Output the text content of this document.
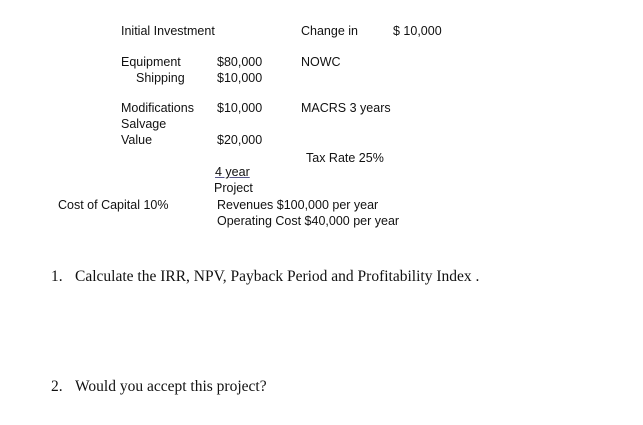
Initial Investment	Change in	$ 10,000
Equipment	$80,000	NOWC
Shipping	$10,000
Modifications $10,000	MACRS 3 years
Salvage
Value	$20,000
Tax Rate 25%
4 year
Project
Cost of Capital 10%	Revenues $100,000 per year
Operating Cost $40,000 per year
1. Calculate the IRR, NPV, Payback Period and Profitability Index .
2. Would you accept this project?
